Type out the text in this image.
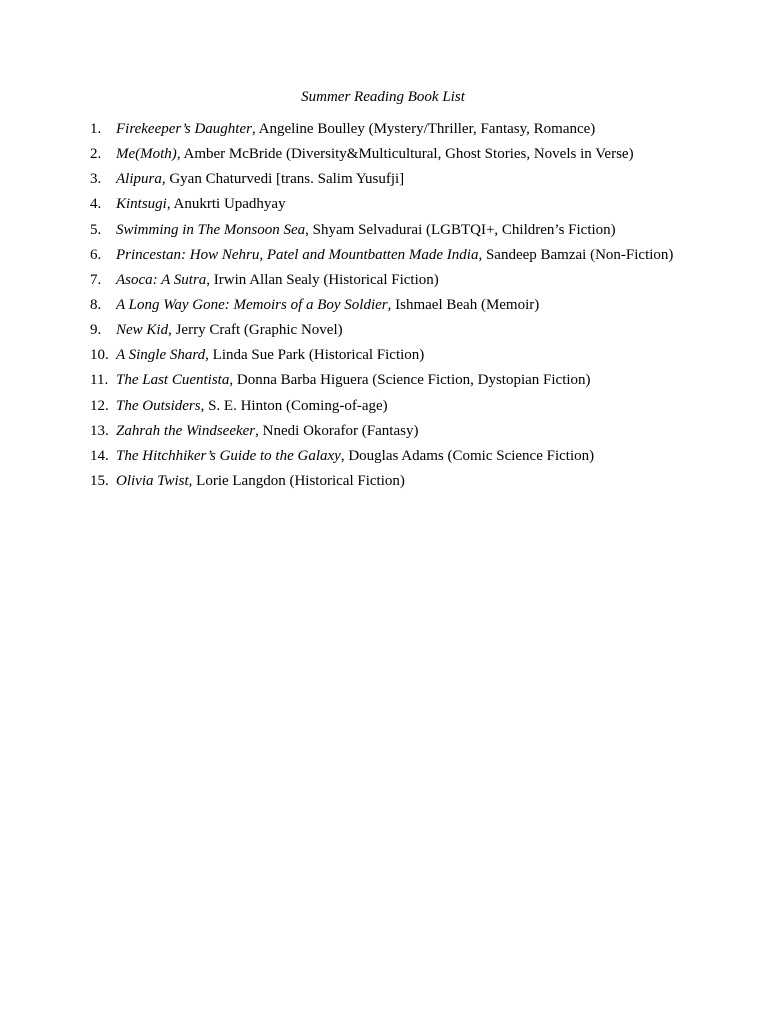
Summer Reading Book List
1. Firekeeper’s Daughter, Angeline Boulley (Mystery/Thriller, Fantasy, Romance)
2. Me(Moth), Amber McBride (Diversity&Multicultural, Ghost Stories, Novels in Verse)
3. Alipura, Gyan Chaturvedi [trans. Salim Yusufji]
4. Kintsugi, Anukrti Upadhyay
5. Swimming in The Monsoon Sea, Shyam Selvadurai (LGBTQI+, Children’s Fiction)
6. Princestan: How Nehru, Patel and Mountbatten Made India, Sandeep Bamzai (Non-Fiction)
7. Asoca: A Sutra, Irwin Allan Sealy (Historical Fiction)
8. A Long Way Gone: Memoirs of a Boy Soldier, Ishmael Beah (Memoir)
9. New Kid, Jerry Craft (Graphic Novel)
10. A Single Shard, Linda Sue Park (Historical Fiction)
11. The Last Cuentista, Donna Barba Higuera (Science Fiction, Dystopian Fiction)
12. The Outsiders, S. E. Hinton (Coming-of-age)
13. Zahrah the Windseeker, Nnedi Okorafor (Fantasy)
14. The Hitchhiker’s Guide to the Galaxy, Douglas Adams (Comic Science Fiction)
15. Olivia Twist, Lorie Langdon (Historical Fiction)
